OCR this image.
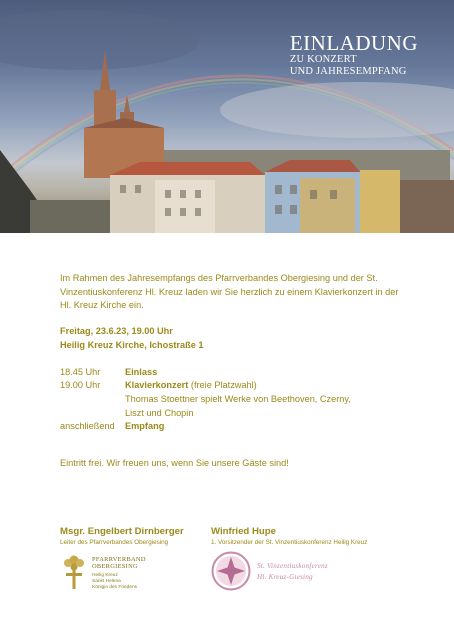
EINLADUNG
ZU KONZERT
UND JAHRESEMPFANG

Im Rahmen des Jahresempfangs des Pfarrverbandes Obergiesing und der St. Vinzentiuskonferenz Hl. Kreuz laden wir Sie herzlich zu einem Klavierkonzert in der Hl. Kreuz Kirche ein.

Freitag, 23.6.23, 19.00 Uhr
Heilig Kreuz Kirche, Ichostraße 1
18.45 Uhr	Einlass
19.00 Uhr	Klavierkonzert (freie Platzwahl)
Thomas Stoettner spielt Werke von Beethoven, Czerny,
Liszt und Chopin
anschließend	Empfang

Eintritt frei. Wir freuen uns, wenn Sie unsere Gäste sind!

Msgr. Engelbert Dirnberger
Leiter des Pfarrverbandes Obergiesing
Winfried Hupe
1. Vorsitzender der St. Vinzentiuskonferenz Heilig Kreuz
PFARRVERBAND
OBERGIESING
Heilig Kreuz
Sankt Helena
Königin des Friedens
St. Vinzentiuskonferenz
Hl. Kreuz-Giesing
